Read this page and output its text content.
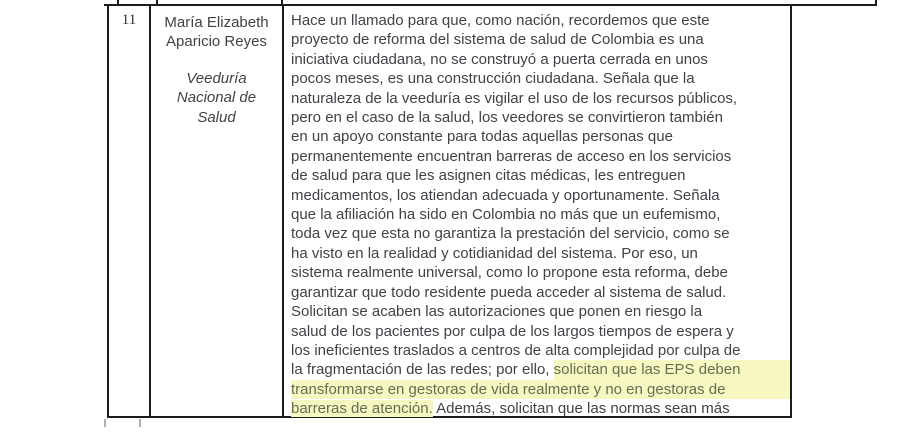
11	María Elizabeth
Aparicio Reyes
Veeduría
Nacional de
Salud
Hace un llamado para que, como nación, recordemos que este
proyecto de reforma del sistema de salud de Colombia es una
iniciativa ciudadana, no se construyó a puerta cerrada en unos
pocos meses, es una construcción ciudadana. Señala que la
naturaleza de la veeduría es vigilar el uso de los recursos públicos,
pero en el caso de la salud, los veedores se convirtieron también
en un apoyo constante para todas aquellas personas que
permanentemente encuentran barreras de acceso en los servicios
de salud para que les asignen citas médicas, les entreguen
medicamentos, los atiendan adecuada y oportunamente. Señala
que la afiliación ha sido en Colombia no más que un eufemismo,
toda vez que esta no garantiza la prestación del servicio, como se
ha visto en la realidad y cotidianidad del sistema. Por eso, un
sistema realmente universal, como lo propone esta reforma, debe
garantizar que todo residente pueda acceder al sistema de salud.
Solicitan se acaben las autorizaciones que ponen en riesgo la
salud de los pacientes por culpa de los largos tiempos de espera y
los ineficientes traslados a centros de alta complejidad por culpa de
la fragmentación de las redes; por ello, solicitan que las EPS deben
transformarse en gestoras de vida realmente y no en gestoras de
barreras de atención. Además, solicitan que las normas sean más
